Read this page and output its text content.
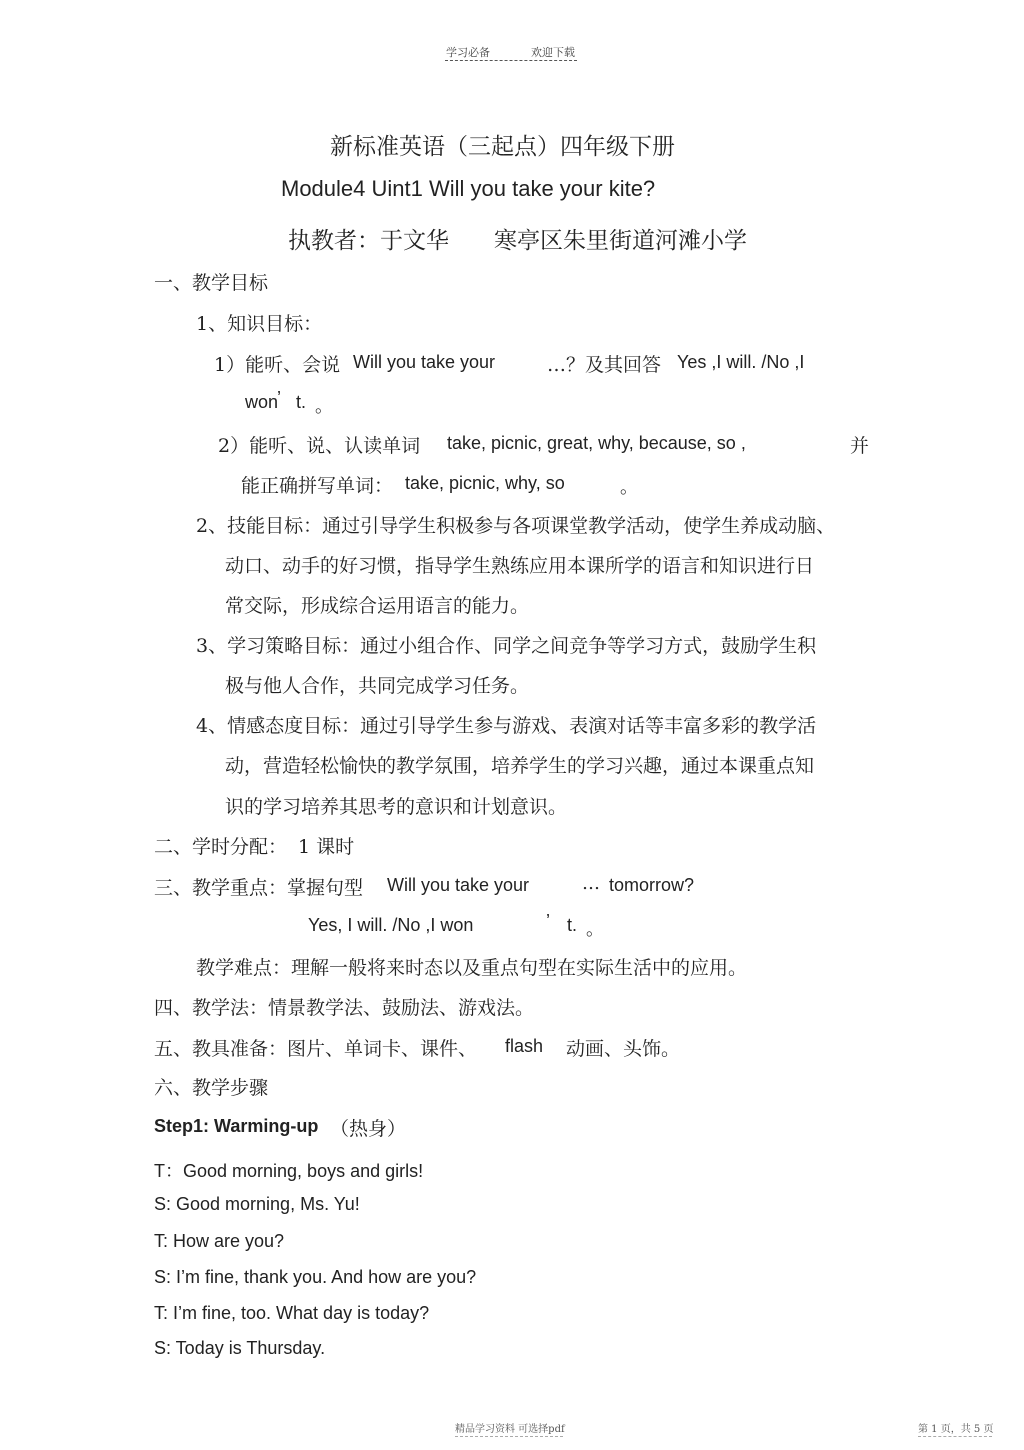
学习必备	欢迎下载
新标准英语（三起点）四年级下册
Module4 Uint1 Will you take your kite?
执教者：于文华 寒亭区朱里街道河滩小学
一、教学目标
1、知识目标：
1）能听、会说 Will you take your	…？及其回答 Yes ,I will. /No ,I
won
’ t. 。
2）能听、说、认读单词 take, picnic, great, why, because, so ,	并
能正确拼写单词： take, picnic, why, so	。
2、技能目标：通过引导学生积极参与各项课堂教学活动，使学生养成动脑、
动口、动手的好习惯，指导学生熟练应用本课所学的语言和知识进行日
常交际，形成综合运用语言的能力。
3、学习策略目标：通过小组合作、同学之间竞争等学习方式，鼓励学生积
极与他人合作，共同完成学习任务。
4、情感态度目标：通过引导学生参与游戏、表演对话等丰富多彩的教学活
动，营造轻松愉快的教学氛围，培养学生的学习兴趣，通过本课重点知
识的学习培养其思考的意识和计划意识。
二、学时分配： 1 课时
三、教学重点：掌握句型 Will you take your	… tomorrow?
Yes, I will. /No ,I won	’ t. 。
教学难点：理解一般将来时态以及重点句型在实际生活中的应用。
四、教学法：情景教学法、鼓励法、游戏法。
五、教具准备：图片、单词卡、课件、 flash 动画、头饰。
六、教学步骤
Step1: Warming-up （热身）
T：Good morning, boys and girls!
S: Good morning, Ms. Yu!
T: How are you?
S: I’m fine, thank you. And how are you?
T: I’m fine, too. What day is today?
S: Today is Thursday.
精品学习资料 可选择pdf	第 1 页，共 5 页
